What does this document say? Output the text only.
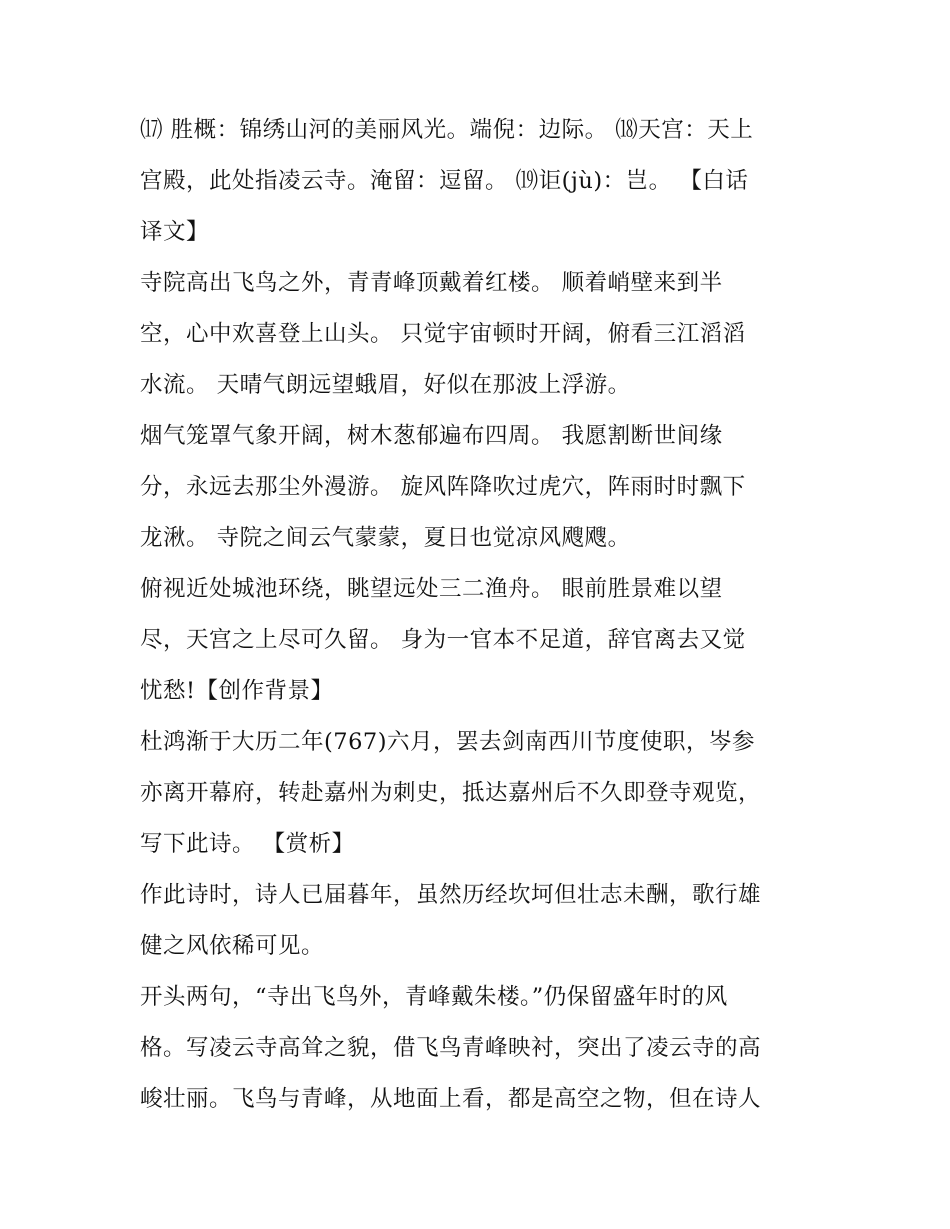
⒄ 胜概：锦绣山河的美丽风光。端倪：边际。 ⒅天宫：天上
宫殿，此处指凌云寺。淹留：逗留。 ⒆讵(jù)：岂。 【白话
译文】
寺院高出飞鸟之外，青青峰顶戴着红楼。 顺着峭壁来到半
空，心中欢喜登上山头。 只觉宇宙顿时开阔，俯看三江滔滔
水流。 天晴气朗远望蛾眉，好似在那波上浮游。
烟气笼罩气象开阔，树木葱郁遍布四周。 我愿割断世间缘
分，永远去那尘外漫游。 旋风阵降吹过虎穴，阵雨时时飘下
龙湫。 寺院之间云气蒙蒙，夏日也觉凉风飕飕。
俯视近处城池环绕，眺望远处三二渔舟。 眼前胜景难以望
尽，天宫之上尽可久留。 身为一官本不足道，辞官离去又觉
忧愁!【创作背景】
杜鸿渐于大历二年(767)六月，罢去剑南西川节度使职，岑参
亦离开幕府，转赴嘉州为刺史，抵达嘉州后不久即登寺观览，
写下此诗。 【赏析】
作此诗时，诗人已届暮年，虽然历经坎坷但壮志未酬，歌行雄
健之风依稀可见。
开头两句，“寺出飞鸟外，青峰戴朱楼。”仍保留盛年时的风
格。写凌云寺高耸之貌，借飞鸟青峰映衬，突出了凌云寺的高
峻壮丽。飞鸟与青峰，从地面上看，都是高空之物，但在诗人
